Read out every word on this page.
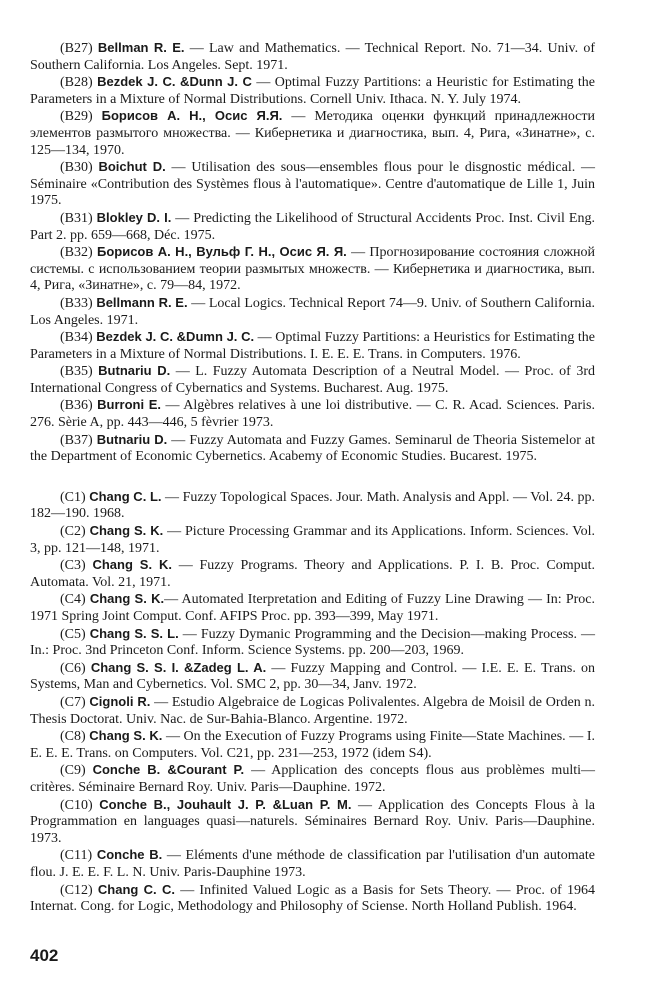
(B27) Bellman R. E. — Law and Mathematics. — Technical Report. No. 71—34. Univ. of Southern California. Los Angeles. Sept. 1971.

(B28) Bezdek J. C. &Dunn J. C — Optimal Fuzzy Partitions: a Heuristic for Estimating the Parameters in a Mixture of Normal Distributions. Cornell Univ. Ithaca. N. Y. July 1974.

(B29) Борисов А. Н., Осис Я.Я. — Методика оценки функций принадлежности элементов размытого множества. — Кибернетика и диагностика, вып. 4, Рига, «Зинатне», с. 125—134, 1970.

(B30) Boichut D. — Utilisation des sous—ensembles flous pour le disgnostic médical. — Séminaire «Contribution des Systèmes flous à l'automatique». Centre d'automatique de Lille 1, Juin 1975.

(B31) Blokley D. I. — Predicting the Likelihood of Structural Accidents Proc. Inst. Civil Eng. Part 2. pp. 659—668, Déc. 1975.

(B32) Борисов А. Н., Вульф Г. Н., Осис Я. Я. — Прогнозирование состояния сложной системы. с использованием теории размытых множеств. — Кибернетика и диагностика, вып. 4, Рига, «Зинатне», с. 79—84, 1972.

(B33) Bellmann R. E. — Local Logics. Technical Report 74—9. Univ. of Southern California. Los Angeles. 1971.

(B34) Bezdek J. C. &Dumn J. C. — Optimal Fuzzy Partitions: a Heuristics for Estimating the Parameters in a Mixture of Normal Distributions. I. E. E. E. Trans. in Computers. 1976.

(B35) Butnariu D. — L. Fuzzy Automata Description of a Neutral Model. — Proc. of 3rd International Congress of Cybernatics and Systems. Bucharest. Aug. 1975.

(B36) Burroni E. — Algèbres relatives à une loi distributive. — C. R. Acad. Sciences. Paris. 276. Sèrie A, pp. 443—446, 5 fèvrier 1973.

(B37) Butnariu D. — Fuzzy Automata and Fuzzy Games. Seminarul de Theoria Sistemelor at the Department of Economic Cybernetics. Acabemy of Economic Studies. Bucarest. 1975.

(C1) Chang C. L. — Fuzzy Topological Spaces. Jour. Math. Analysis and Appl. — Vol. 24. pp. 182—190. 1968.

(C2) Chang S. K. — Picture Processing Grammar and its Applications. Inform. Sciences. Vol. 3, pp. 121—148, 1971.

(C3) Chang S. K. — Fuzzy Programs. Theory and Applications. P. I. B. Proc. Comput. Automata. Vol. 21, 1971.

(C4) Chang S. K.— Automated Iterpretation and Editing of Fuzzy Line Drawing — In: Proc. 1971 Spring Joint Comput. Conf. AFIPS Proc. pp. 393—399, May 1971.

(C5) Chang S. S. L. — Fuzzy Dymanic Programming and the Decision—making Process. — In.: Proc. 3nd Princeton Conf. Inform. Science Systems. pp. 200—203, 1969.

(C6) Chang S. S. I. &Zadeg L. A. — Fuzzy Mapping and Control. — I.E. E. E. Trans. on Systems, Man and Cybernetics. Vol. SMC 2, pp. 30—34, Janv. 1972.

(C7) Cignoli R. — Estudio Algebraice de Logicas Polivalentes. Algebra de Moisil de Orden n. Thesis Doctorat. Univ. Nac. de Sur-Bahia-Blanco. Argentine. 1972.

(C8) Chang S. K. — On the Execution of Fuzzy Programs using Finite—State Machines. — I. E. E. E. Trans. on Computers. Vol. C21, pp. 231—253, 1972 (idem S4).

(C9) Conche B. &Courant P. — Application des concepts flous aus problèmes multi—critères. Séminaire Bernard Roy. Univ. Paris—Dauphine. 1972.

(C10) Conche B., Jouhault J. P. &Luan P. M. — Application des Concepts Flous à la Programmation en languages quasi—naturels. Séminaires Bernard Roy. Univ. Paris—Dauphine. 1973.

(C11) Conche B. — Eléments d'une méthode de classification par l'utilisation d'un automate flou. J. E. E. F. L. N. Univ. Paris-Dauphine 1973.

(C12) Chang C. C. — Infinited Valued Logic as a Basis for Sets Theory. — Proc. of 1964 Internat. Cong. for Logic, Methodology and Philosophy of Sciense. North Holland Publish. 1964.

402
